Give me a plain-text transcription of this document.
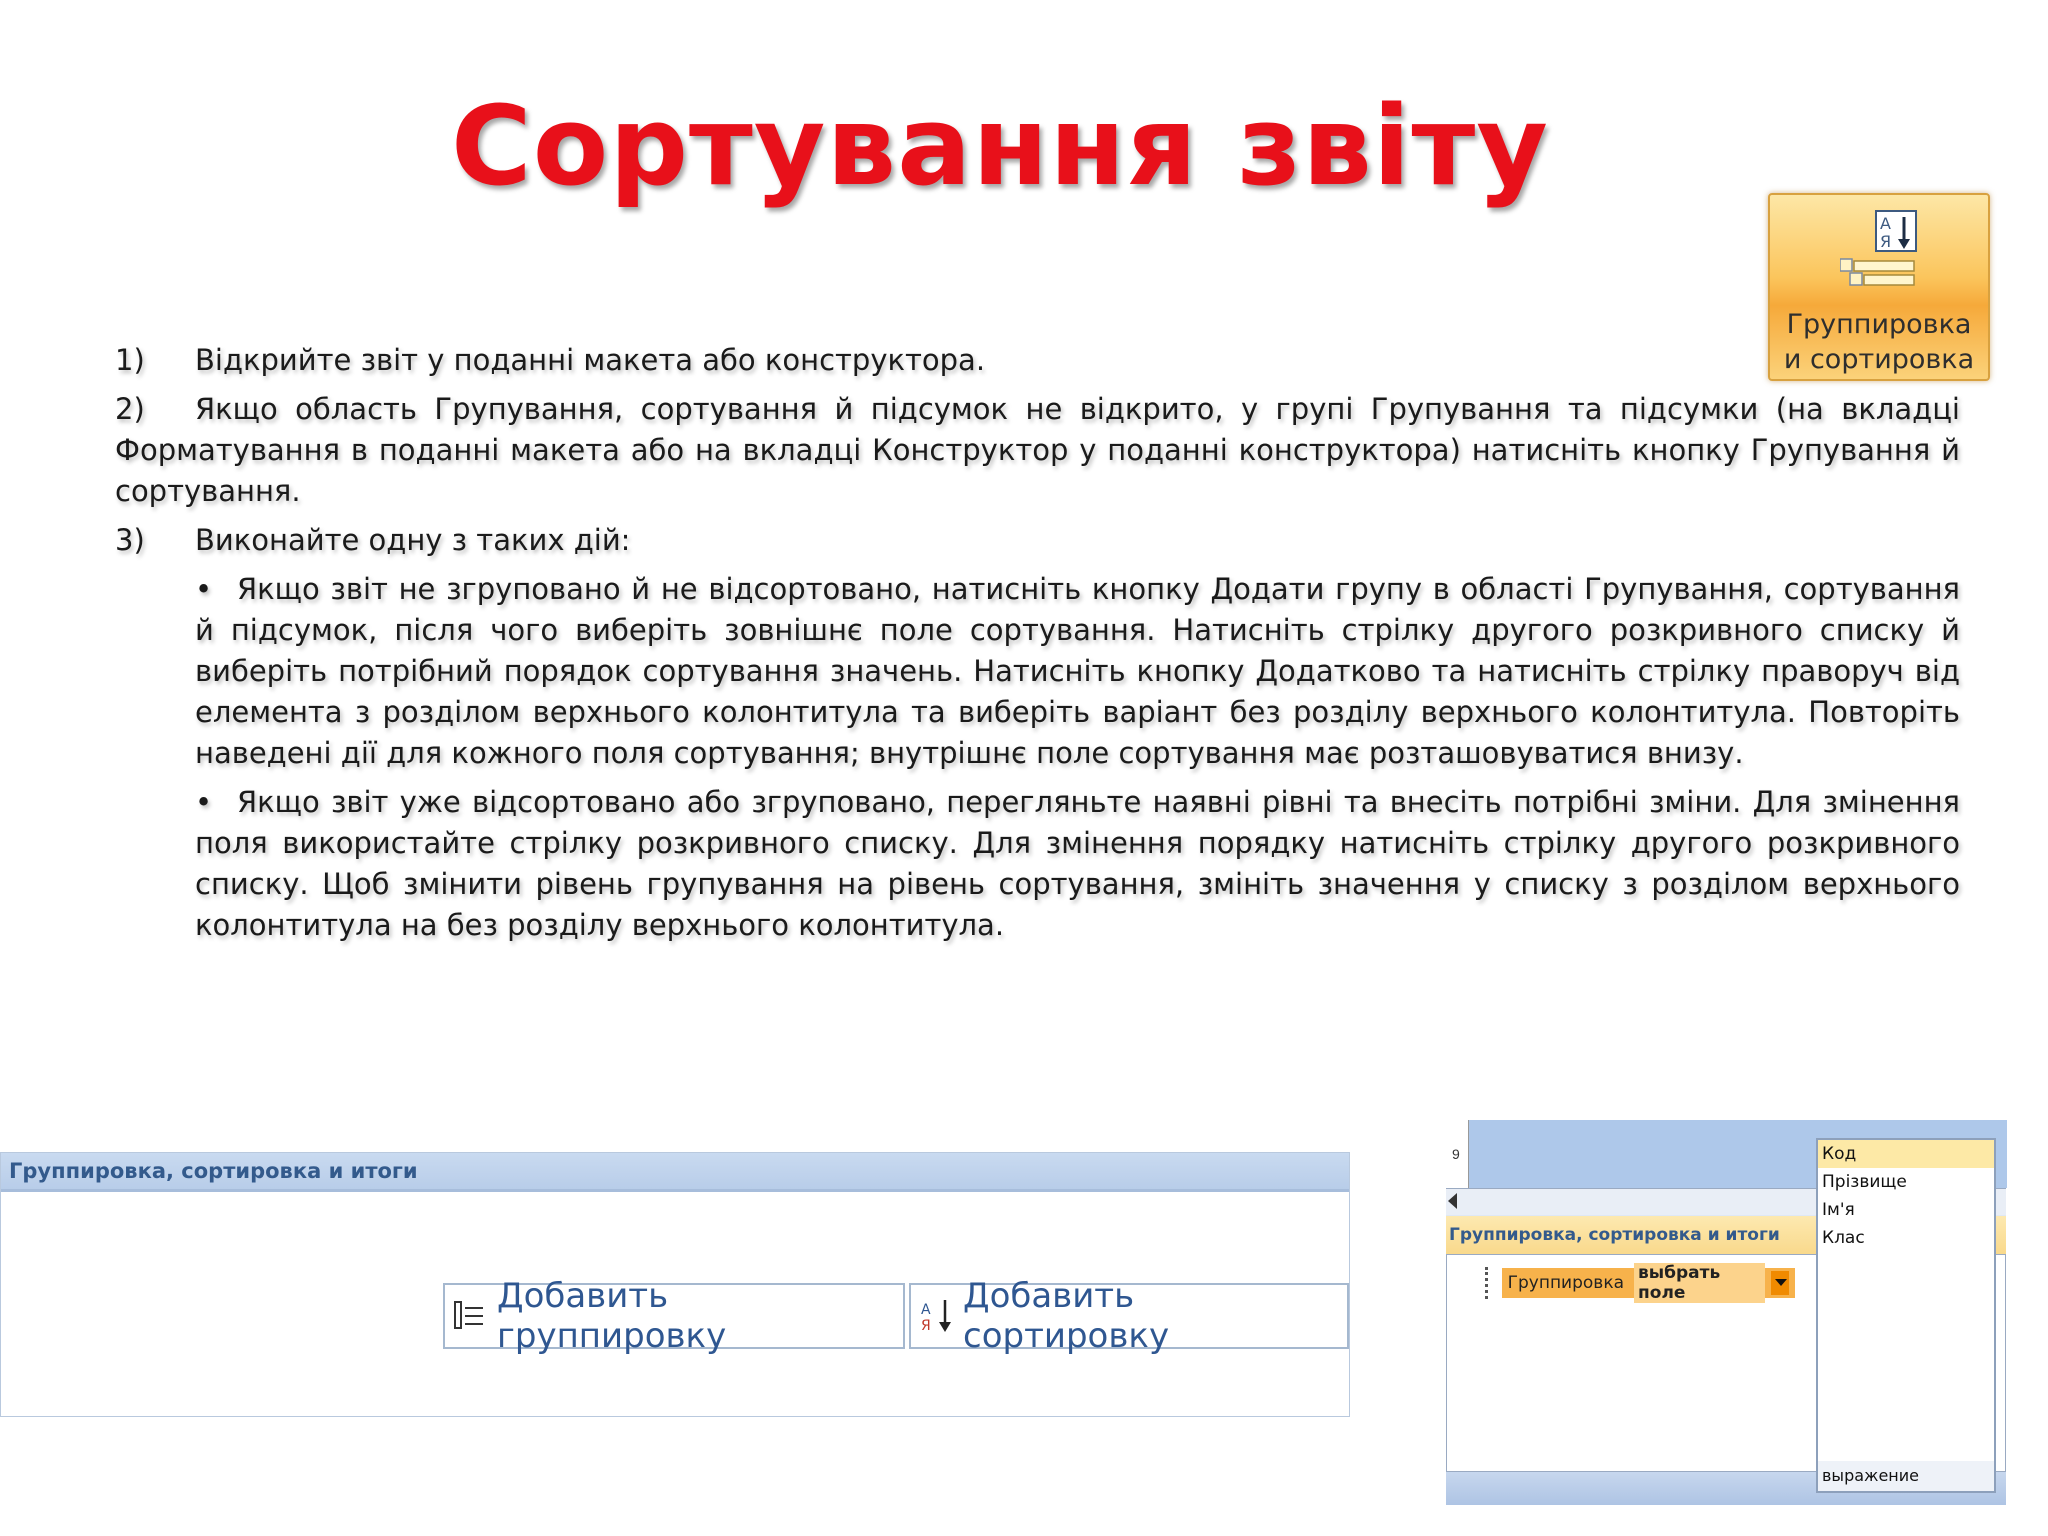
Сортування звіту
А
Я
Группировка
и сортировка

1) Відкрийте звіт у поданні макета або конструктора.

2) Якщо область Групування, сортування й підсумок не відкрито, у групі Групування та підсумки (на вкладці Форматування в поданні макета або на вкладці Конструктор у поданні конструктора) натисніть кнопку Групування й сортування.

3) Виконайте одну з таких дій:

• Якщо звіт не згруповано й не відсортовано, натисніть кнопку Додати групу в області Групування, сортування й підсумок, після чого виберіть зовнішнє поле сортування. Натисніть стрілку другого розкривного списку й виберіть потрібний порядок сортування значень. Натисніть кнопку Додатково та натисніть стрілку праворуч від елемента з розділом верхнього колонтитула та виберіть варіант без розділу верхнього колонтитула. Повторіть наведені дії для кожного поля сортування; внутрішнє поле сортування має розташовуватися внизу.

• Якщо звіт уже відсортовано або згруповано, перегляньте наявні рівні та внесіть потрібні зміни. Для змінення поля використайте стрілку розкривного списку. Для змінення порядку натисніть стрілку другого розкривного списку. Щоб змінити рівень групування на рівень сортування, змініть значення у списку з розділом верхнього колонтитула на без розділу верхнього колонтитула.

Группировка, сортировка и итоги
Добавить группировку
А
Я
Добавить сортировку
9
Группировка, сортировка и итоги
Группировка выбрать поле
Код
Прізвище
Ім'я
Клас
выражение
